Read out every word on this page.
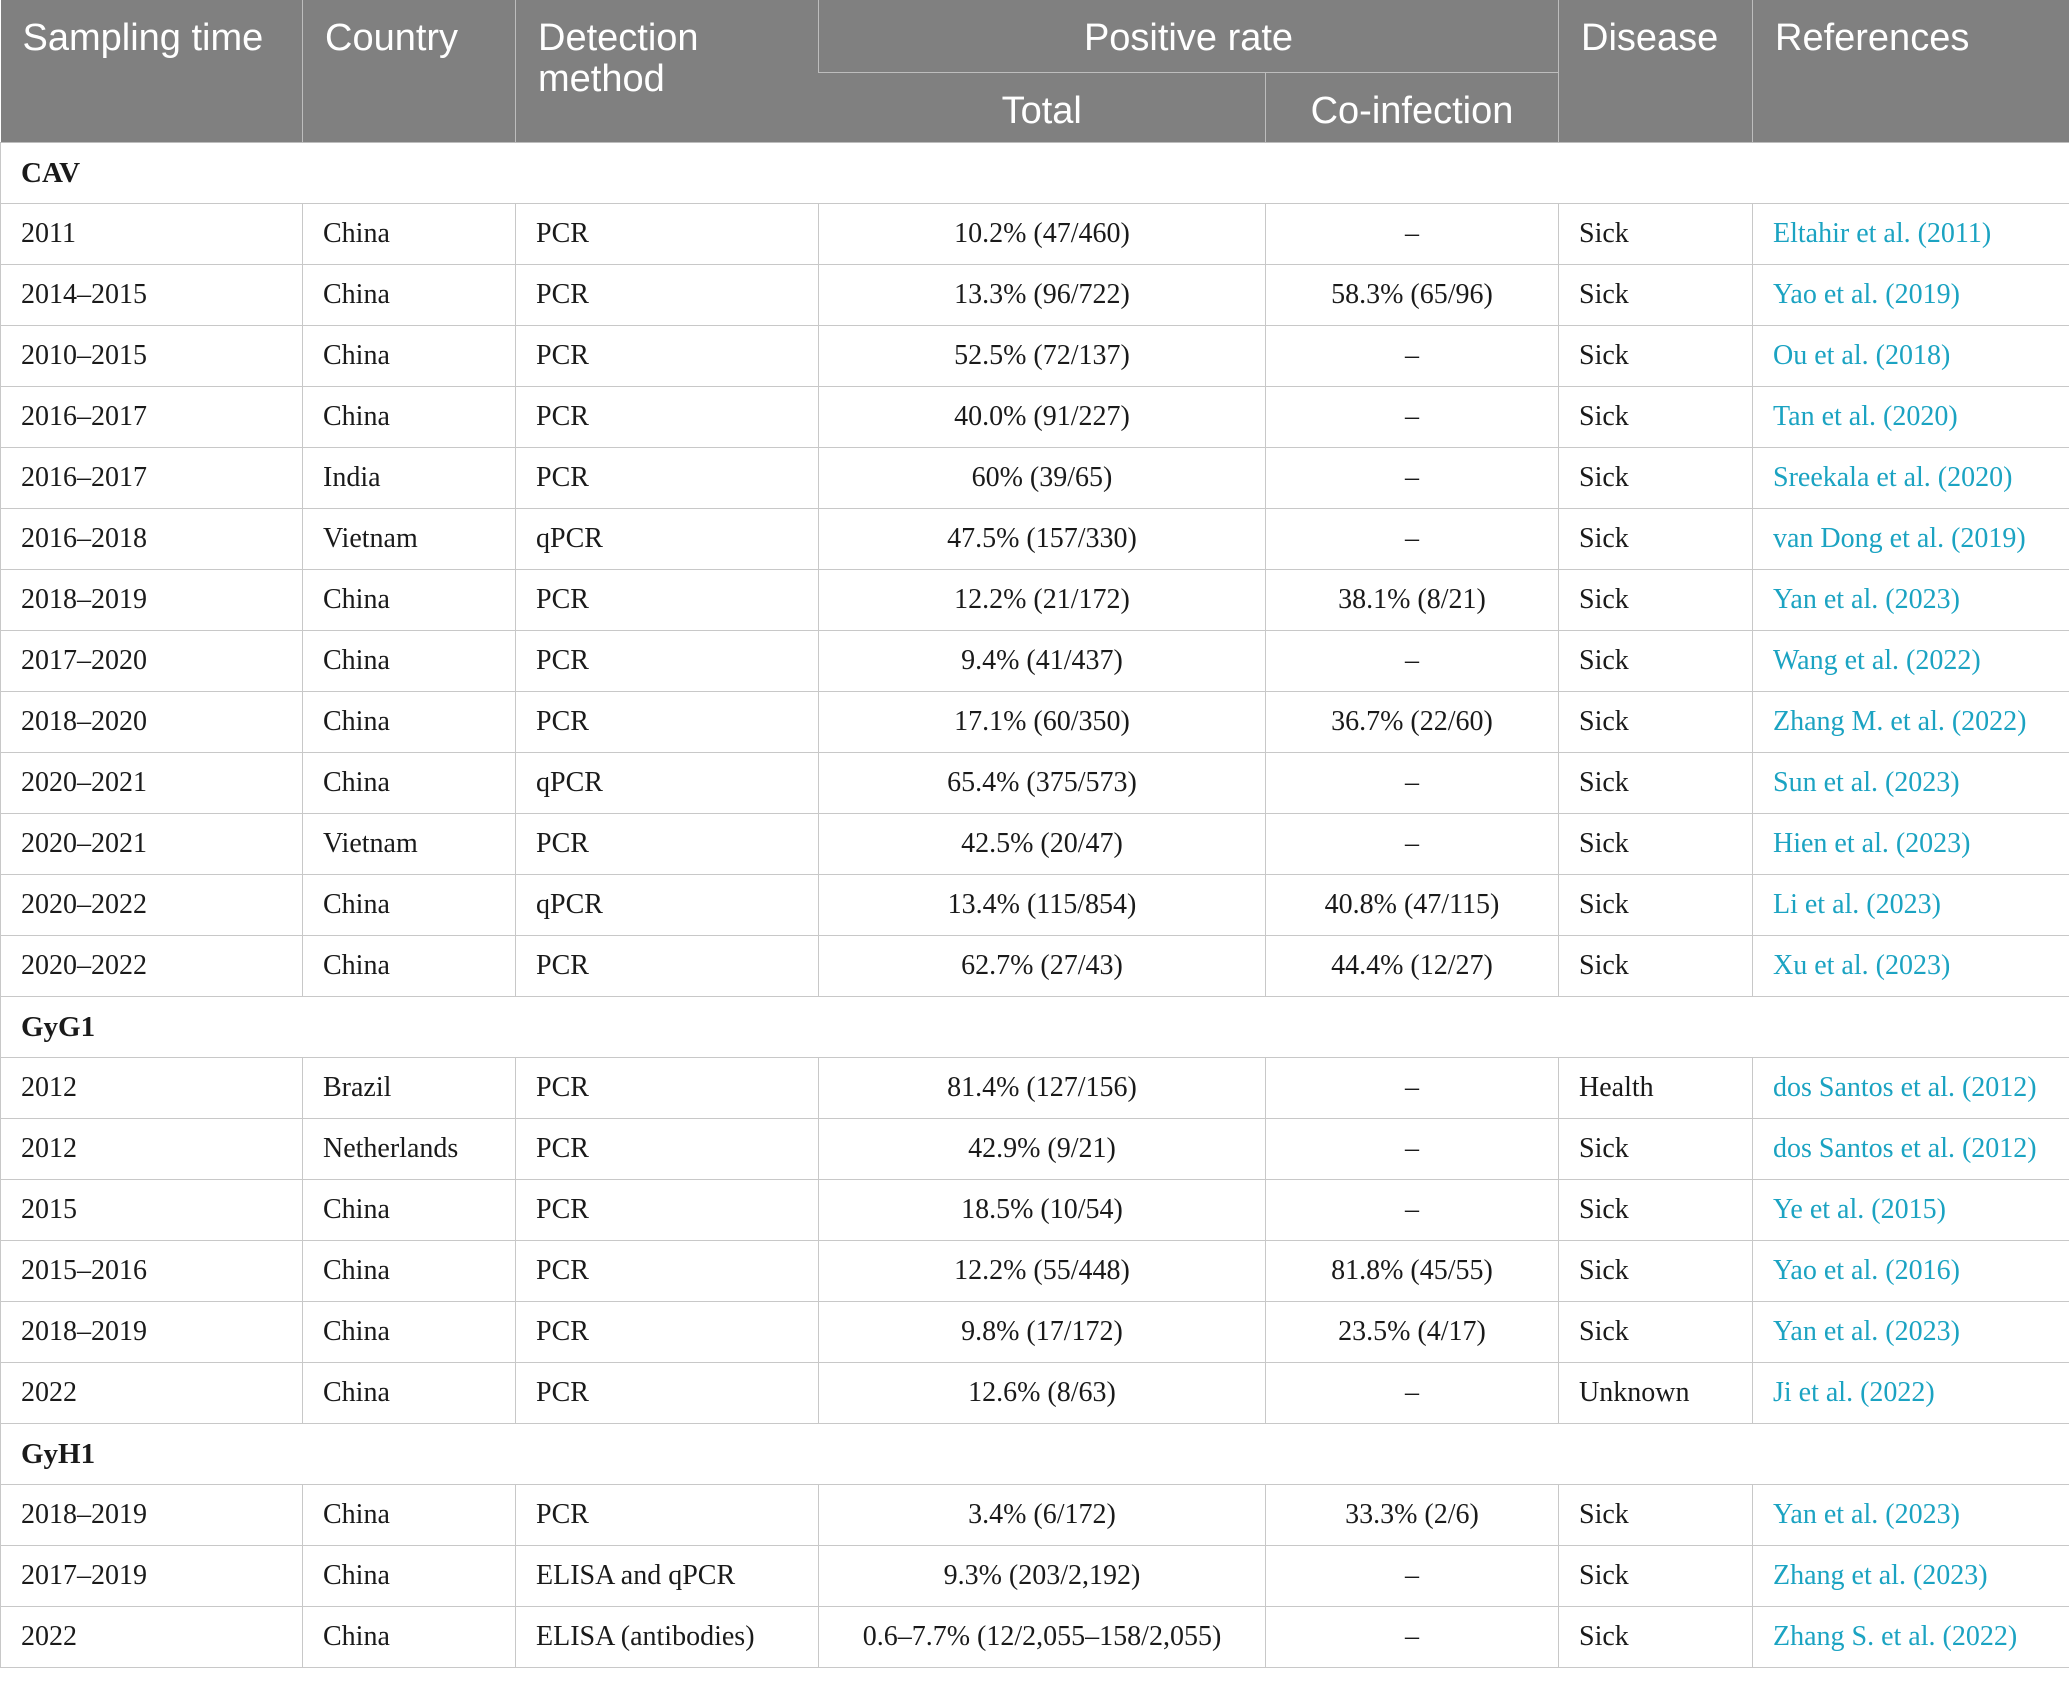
Sampling time	Country	Detection method	Positive rate		Disease	References
			Total	Co-infection		
CAV						
2011	China	PCR	10.2% (47/460)	–	Sick	Eltahir et al. (2011)
2014–2015	China	PCR	13.3% (96/722)	58.3% (65/96)	Sick	Yao et al. (2019)
2010–2015	China	PCR	52.5% (72/137)	–	Sick	Ou et al. (2018)
2016–2017	China	PCR	40.0% (91/227)	–	Sick	Tan et al. (2020)
2016–2017	India	PCR	60% (39/65)	–	Sick	Sreekala et al. (2020)
2016–2018	Vietnam	qPCR	47.5% (157/330)	–	Sick	van Dong et al. (2019)
2018–2019	China	PCR	12.2% (21/172)	38.1% (8/21)	Sick	Yan et al. (2023)
2017–2020	China	PCR	9.4% (41/437)	–	Sick	Wang et al. (2022)
2018–2020	China	PCR	17.1% (60/350)	36.7% (22/60)	Sick	Zhang M. et al. (2022)
2020–2021	China	qPCR	65.4% (375/573)	–	Sick	Sun et al. (2023)
2020–2021	Vietnam	PCR	42.5% (20/47)	–	Sick	Hien et al. (2023)
2020–2022	China	qPCR	13.4% (115/854)	40.8% (47/115)	Sick	Li et al. (2023)
2020–2022	China	PCR	62.7% (27/43)	44.4% (12/27)	Sick	Xu et al. (2023)
GyG1						
2012	Brazil	PCR	81.4% (127/156)	–	Health	dos Santos et al. (2012)
2012	Netherlands	PCR	42.9% (9/21)	–	Sick	dos Santos et al. (2012)
2015	China	PCR	18.5% (10/54)	–	Sick	Ye et al. (2015)
2015–2016	China	PCR	12.2% (55/448)	81.8% (45/55)	Sick	Yao et al. (2016)
2018–2019	China	PCR	9.8% (17/172)	23.5% (4/17)	Sick	Yan et al. (2023)
2022	China	PCR	12.6% (8/63)	–	Unknown	Ji et al. (2022)
GyH1						
2018–2019	China	PCR	3.4% (6/172)	33.3% (2/6)	Sick	Yan et al. (2023)
2017–2019	China	ELISA and qPCR	9.3% (203/2,192)	–	Sick	Zhang et al. (2023)
2022	China	ELISA (antibodies)	0.6–7.7% (12/2,055–158/2,055)	–	Sick	Zhang S. et al. (2022)
